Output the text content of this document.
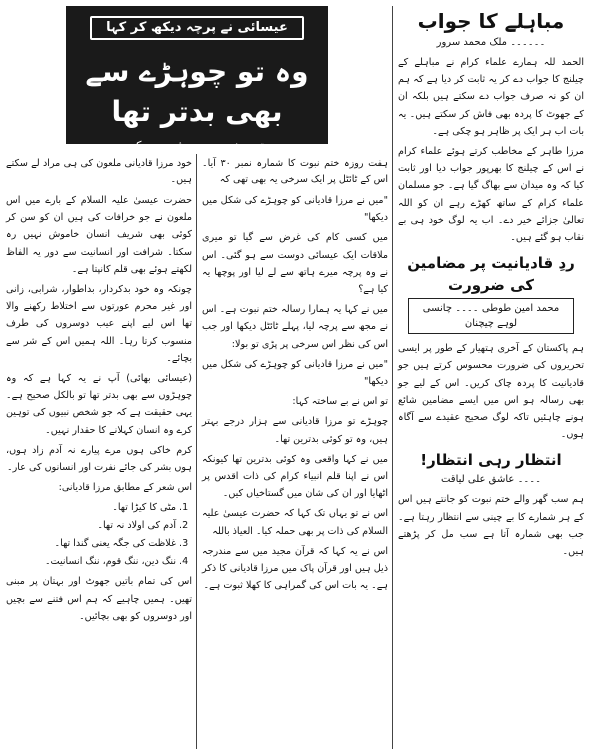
مباہلے کا جواب
۔۔۔۔۔۔ ملک محمد سرور

الحمد للہ ہمارے علماء کرام نے مباہلے کے چیلنج کا جواب دے کر یہ ثابت کر دیا ہے کہ ہم ان کو نہ صرف جواب دے سکتے ہیں بلکہ ان کے جھوٹ کا پردہ بھی فاش کر سکتے ہیں۔ یہ بات اب ہر ایک پر ظاہر ہو چکی ہے۔

مرزا طاہر کے مخاطب کرتے ہوئے علماء کرام نے اس کے چیلنج کا بھرپور جواب دیا اور ثابت کیا کہ وہ میدان سے بھاگ گیا ہے۔ جو مسلمان علماء کرام کے ساتھ کھڑے رہے ان کو اللہ تعالیٰ جزائے خیر دے۔ اب یہ لوگ خود ہی بے نقاب ہو گئے ہیں۔

ردِ قادیانیت پر مضامین کی ضرورت
محمد امین طوطی ۔۔۔۔ چانسی لوہے چیچنان

ہم پاکستان کے آخری ہتھیار کے طور پر ایسی تحریروں کی ضرورت محسوس کرتے ہیں جو قادیانیت کا پردہ چاک کریں۔ اس کے لیے جو بھی رسالہ ہو اس میں ایسے مضامین شائع ہونے چاہئیں تاکہ لوگ صحیح عقیدے سے آگاہ ہوں۔

انتظار رہی انتظار!
۔۔۔۔ عاشق علی لیاقت

ہم سب گھر والے ختم نبوت کو جانتے ہیں اس کے ہر شمارے کا بے چینی سے انتظار رہتا ہے۔ جب بھی شمارہ آتا ہے سب مل کر پڑھتے ہیں۔

عیسائی نے پرچہ دیکھ کر کہا
وہ تو چوہڑے سے بھی بدتر تھا
تحریر: دین محمد فریدی بھکر
ہفت روزہ ختم نبوت کا شمارہ نمبر ۳۰ آیا۔ اس کے ٹائٹل پر ایک سرخی یہ بھی تھی کہ

"میں نے مرزا قادیانی کو چوہڑے کی شکل میں دیکھا"

میں کسی کام کی غرض سے گیا تو میری ملاقات ایک عیسائی دوست سے ہو گئی۔ اس نے وہ پرچہ میرے ہاتھ سے لے لیا اور پوچھا یہ کیا ہے؟

میں نے کہا یہ ہمارا رسالہ ختم نبوت ہے۔ اس نے مجھ سے پرچہ لیا، پہلے ٹائٹل دیکھا اور جب اس کی نظر اس سرخی پر پڑی تو بولا:

"میں نے مرزا قادیانی کو چوہڑے کی شکل میں دیکھا"

تو اس نے بے ساختہ کہا:

چوہڑے تو مرزا قادیانی سے ہزار درجے بہتر ہیں، وہ تو کوئی بدترین تھا۔

میں نے کہا واقعی وہ کوئی بدترین تھا کیونکہ اس نے اپنا قلم انبیاء کرام کی ذات اقدس پر اٹھایا اور ان کی شان میں گستاخیاں کیں۔

اس نے تو یہاں تک کہا کہ حضرت عیسیٰ علیہ السلام کی ذات پر بھی حملہ کیا۔ العیاذ باللہ

اس نے یہ کہا کہ قرآن مجید میں سے مندرجہ ذیل ہیں اور قرآن پاک میں مرزا قادیانی کا ذکر ہے۔ یہ بات اس کی گمراہی کا کھلا ثبوت ہے۔

خود مرزا قادیانی ملعون کی ہی مراد لے سکتے ہیں۔

حضرت عیسیٰ علیہ السلام کے بارے میں اس ملعون نے جو خرافات کی ہیں ان کو سن کر کوئی بھی شریف انسان خاموش نہیں رہ سکتا۔ شرافت اور انسانیت سے دور یہ الفاظ لکھتے ہوئے بھی قلم کانپتا ہے۔

چونکہ وہ خود بدکردار، بداطوار، شرابی، زانی اور غیر محرم عورتوں سے اختلاط رکھنے والا تھا اس لیے اپنے عیب دوسروں کی طرف منسوب کرتا رہا۔ اللہ ہمیں اس کے شر سے بچائے۔

(عیسائی بھائی) آپ نے یہ کہا ہے کہ وہ چوہڑوں سے بھی بدتر تھا تو بالکل صحیح ہے۔ یہی حقیقت ہے کہ جو شخص نبیوں کی توہین کرے وہ انسان کہلانے کا حقدار نہیں۔

کرم خاکی ہوں مرے پیارے نہ آدم زاد ہوں، ہوں بشر کی جائے نفرت اور انسانوں کی عار۔

اس شعر کے مطابق مرزا قادیانی:

1. مٹی کا کیڑا تھا۔
2. آدم کی اولاد نہ تھا۔
3. غلاظت کی جگہ یعنی گندا تھا۔
4. ننگ دین، ننگ قوم، ننگ انسانیت۔

اس کی تمام باتیں جھوٹ اور بہتان پر مبنی تھیں۔ ہمیں چاہیے کہ ہم اس فتنے سے بچیں اور دوسروں کو بھی بچائیں۔
